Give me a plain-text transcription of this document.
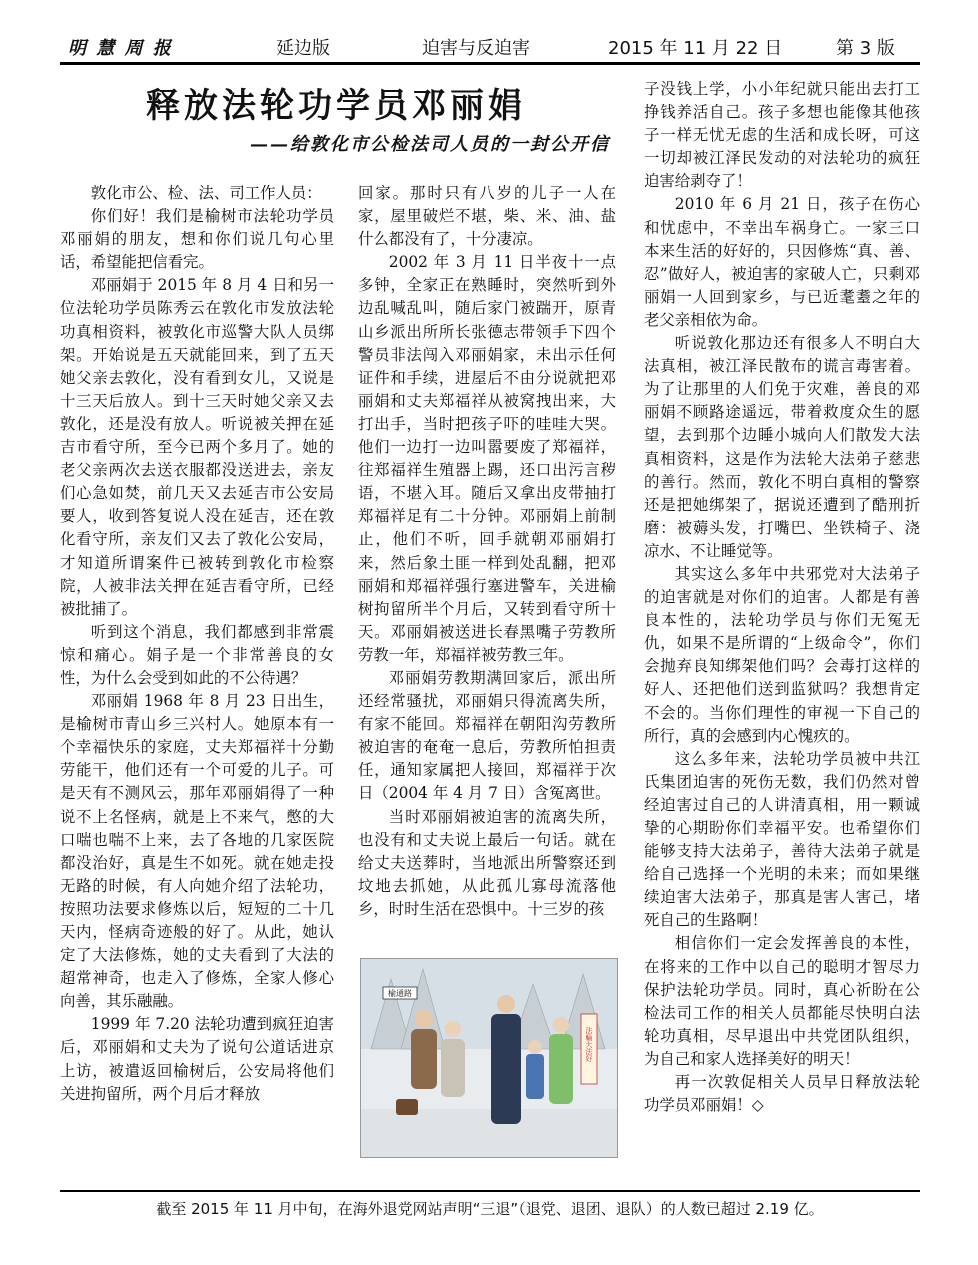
明 慧 周 报	延边版	迫害与反迫害	2015 年 11 月 22 日	第 3 版
释放法轮功学员邓丽娟
——给敦化市公检法司人员的一封公开信

敦化市公、检、法、司工作人员：

你们好！我们是榆树市法轮功学员邓丽娟的朋友，想和你们说几句心里话，希望能把信看完。

邓丽娟于 2015 年 8 月 4 日和另一位法轮功学员陈秀云在敦化市发放法轮功真相资料，被敦化市巡警大队人员绑架。开始说是五天就能回来，到了五天她父亲去敦化，没有看到女儿，又说是十三天后放人。到十三天时她父亲又去敦化，还是没有放人。听说被关押在延吉市看守所，至今已两个多月了。她的老父亲两次去送衣服都没送进去，亲友们心急如焚，前几天又去延吉市公安局要人，收到答复说人没在延吉，还在敦化看守所，亲友们又去了敦化公安局，才知道所谓案件已被转到敦化市检察院，人被非法关押在延吉看守所，已经被批捕了。

听到这个消息，我们都感到非常震惊和痛心。娟子是一个非常善良的女性，为什么会受到如此的不公待遇？

邓丽娟 1968 年 8 月 23 日出生，是榆树市青山乡三兴村人。她原本有一个幸福快乐的家庭，丈夫郑福祥十分勤劳能干，他们还有一个可爱的儿子。可是天有不测风云，那年邓丽娟得了一种说不上名怪病，就是上不来气，憋的大口喘也喘不上来，去了各地的几家医院都没治好，真是生不如死。就在她走投无路的时候，有人向她介绍了法轮功，按照功法要求修炼以后，短短的二十几天内，怪病奇迹般的好了。从此，她认定了大法修炼，她的丈夫看到了大法的超常神奇，也走入了修炼，全家人修心向善，其乐融融。

1999 年 7.20 法轮功遭到疯狂迫害后，邓丽娟和丈夫为了说句公道话进京上访，被遣返回榆树后，公安局将他们关进拘留所，两个月后才释放

回家。那时只有八岁的儿子一人在家，屋里破烂不堪，柴、米、油、盐什么都没有了，十分凄凉。

2002 年 3 月 11 日半夜十一点多钟，全家正在熟睡时，突然听到外边乱喊乱叫，随后家门被踹开，原青山乡派出所所长张德志带领手下四个警员非法闯入邓丽娟家，未出示任何证件和手续，进屋后不由分说就把邓丽娟和丈夫郑福祥从被窝拽出来，大打出手，当时把孩子吓的哇哇大哭。他们一边打一边叫嚣要废了郑福祥，往郑福祥生殖器上踢，还口出污言秽语，不堪入耳。随后又拿出皮带抽打郑福祥足有二十分钟。邓丽娟上前制止，他们不听，回手就朝邓丽娟打来，然后象土匪一样到处乱翻，把邓丽娟和郑福祥强行塞进警车，关进榆树拘留所半个月后，又转到看守所十天。邓丽娟被送进长春黑嘴子劳教所劳教一年，郑福祥被劳教三年。

邓丽娟劳教期满回家后，派出所还经常骚扰，邓丽娟只得流离失所，有家不能回。郑福祥在朝阳沟劳教所被迫害的奄奄一息后，劳教所怕担责任，通知家属把人接回，郑福祥于次日（2004 年 4 月 7 日）含冤离世。

当时邓丽娟被迫害的流离失所，也没有和丈夫说上最后一句话。就在给丈夫送葬时，当地派出所警察还到坟地去抓她，从此孤儿寡母流落他乡，时时生活在恐惧中。十三岁的孩

榆通路
法輪大法好

子没钱上学，小小年纪就只能出去打工挣钱养活自己。孩子多想也能像其他孩子一样无忧无虑的生活和成长呀，可这一切却被江泽民发动的对法轮功的疯狂迫害给剥夺了！

2010 年 6 月 21 日，孩子在伤心和忧虑中，不幸出车祸身亡。一家三口本来生活的好好的，只因修炼“真、善、忍”做好人，被迫害的家破人亡，只剩邓丽娟一人回到家乡，与已近耄耋之年的老父亲相依为命。

听说敦化那边还有很多人不明白大法真相，被江泽民散布的谎言毒害着。为了让那里的人们免于灾难，善良的邓丽娟不顾路途遥远，带着救度众生的愿望，去到那个边睡小城向人们散发大法真相资料，这是作为法轮大法弟子慈悲的善行。然而，敦化不明白真相的警察还是把她绑架了，据说还遭到了酷刑折磨：被薅头发，打嘴巴、坐铁椅子、浇凉水、不让睡觉等。

其实这么多年中共邪党对大法弟子的迫害就是对你们的迫害。人都是有善良本性的，法轮功学员与你们无冤无仇，如果不是所谓的“上级命令”，你们会抛弃良知绑架他们吗？会毒打这样的好人、还把他们送到监狱吗？我想肯定不会的。当你们理性的审视一下自己的所行，真的会感到内心愧疚的。

这么多年来，法轮功学员被中共江氏集团迫害的死伤无数，我们仍然对曾经迫害过自己的人讲清真相，用一颗诚挚的心期盼你们幸福平安。也希望你们能够支持大法弟子，善待大法弟子就是给自己选择一个光明的未来；而如果继续迫害大法弟子，那真是害人害己，堵死自己的生路啊！

相信你们一定会发挥善良的本性，在将来的工作中以自己的聪明才智尽力保护法轮功学员。同时，真心祈盼在公检法司工作的相关人员都能尽快明白法轮功真相，尽早退出中共党团队组织，为自己和家人选择美好的明天！

再一次敦促相关人员早日释放法轮功学员邓丽娟！◇

截至 2015 年 11 月中旬，在海外退党网站声明“三退”（退党、退团、退队）的人数已超过 2.19 亿。
